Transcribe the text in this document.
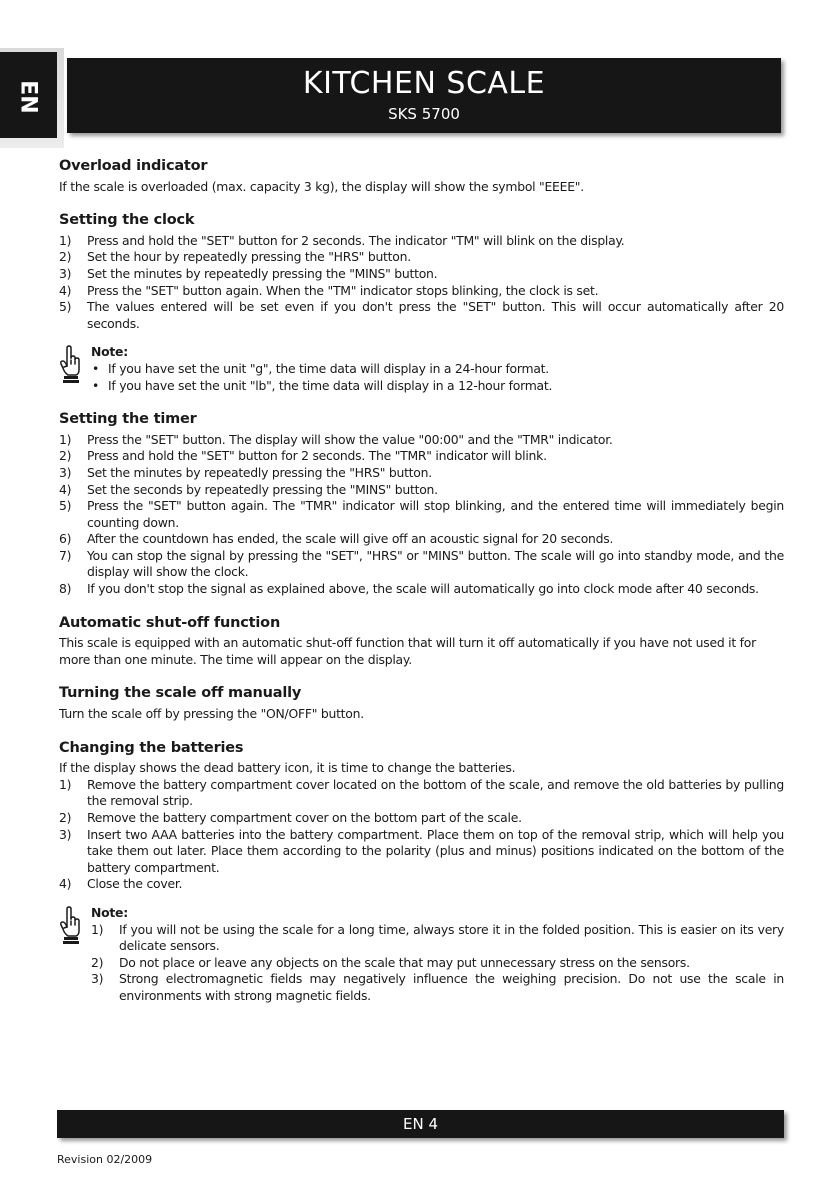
EN	KITCHEN SCALE
SKS 5700
Overload indicator

If the scale is overloaded (max. capacity 3 kg), the display will show the symbol "EEEE".

Setting the clock
1) Press and hold the "SET" button for 2 seconds. The indicator "TM" will blink on the display.
2) Set the hour by repeatedly pressing the "HRS" button.
3) Set the minutes by repeatedly pressing the "MINS" button.
4) Press the "SET" button again. When the "TM" indicator stops blinking, the clock is set.
5) The values entered will be set even if you don't press the "SET" button. This will occur automatically after 20 seconds.
Note:
• If you have set the unit "g", the time data will display in a 24-hour format.
• If you have set the unit "lb", the time data will display in a 12-hour format.
Setting the timer
1) Press the "SET" button. The display will show the value "00:00" and the "TMR" indicator.
2) Press and hold the "SET" button for 2 seconds. The "TMR" indicator will blink.
3) Set the minutes by repeatedly pressing the "HRS" button.
4) Set the seconds by repeatedly pressing the "MINS" button.
5) Press the "SET" button again. The "TMR" indicator will stop blinking, and the entered time will immediately begin counting down.
6) After the countdown has ended, the scale will give off an acoustic signal for 20 seconds.
7) You can stop the signal by pressing the "SET", "HRS" or "MINS" button. The scale will go into standby mode, and the display will show the clock.
8) If you don't stop the signal as explained above, the scale will automatically go into clock mode after 40 seconds.
Automatic shut-off function

This scale is equipped with an automatic shut-off function that will turn it off automatically if you have not used it for more than one minute. The time will appear on the display.

Turning the scale off manually

Turn the scale off by pressing the "ON/OFF" button.

Changing the batteries

If the display shows the dead battery icon, it is time to change the batteries.

1) Remove the battery compartment cover located on the bottom of the scale, and remove the old batteries by pulling the removal strip.
2) Remove the battery compartment cover on the bottom part of the scale.
3) Insert two AAA batteries into the battery compartment. Place them on top of the removal strip, which will help you take them out later. Place them according to the polarity (plus and minus) positions indicated on the bottom of the battery compartment.
4) Close the cover.
Note:
1) If you will not be using the scale for a long time, always store it in the folded position. This is easier on its very delicate sensors.
2) Do not place or leave any objects on the scale that may put unnecessary stress on the sensors.
3) Strong electromagnetic fields may negatively influence the weighing precision. Do not use the scale in environments with strong magnetic fields.
EN 4
Revision 02/2009
